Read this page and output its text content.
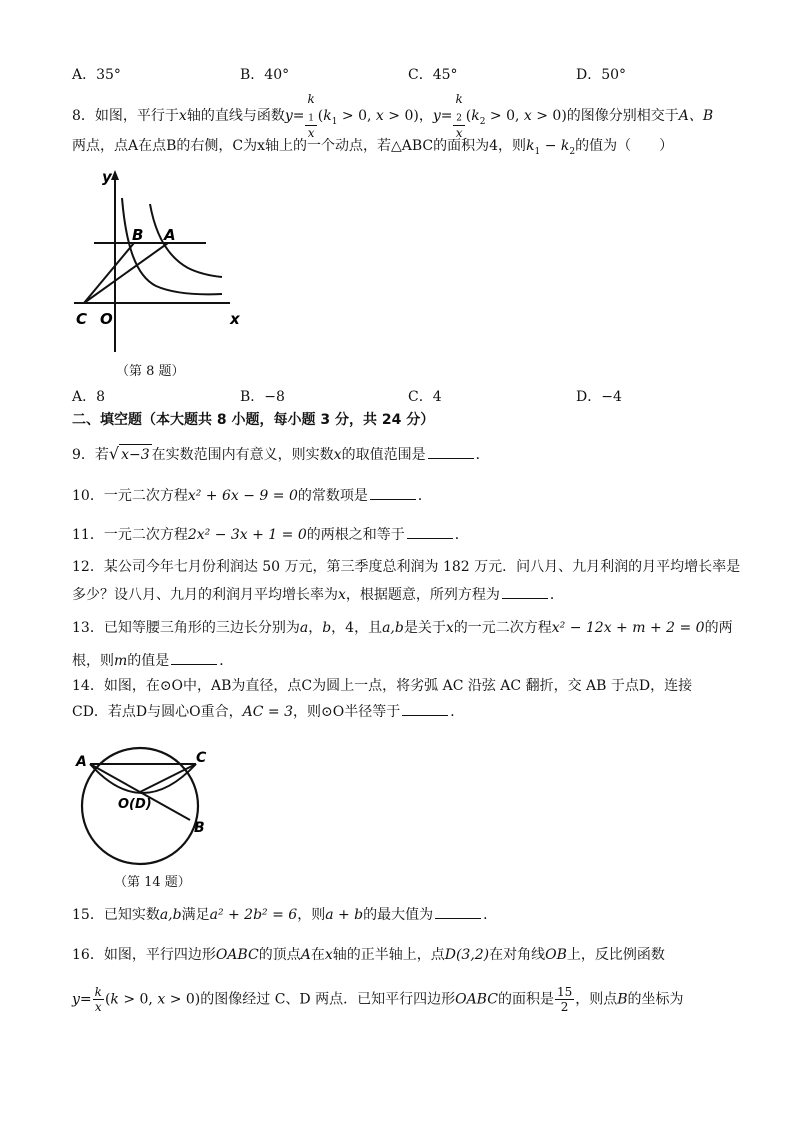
A．35°	B．40°	C．45°	D．50°
8．如图，平行于x轴的直线与函数y= k
$_1$
x ($k_1 > 0$, x > 0)，y= k
$_2$
x ($k_2 > 0$, x > 0)的图像分别相交于A、B
两点，点A在点B的右侧，C为x轴上的一个动点，若△ABC的面积为4，则$k_1 - k_2$的值为（　　）
y
B A
C O	x
（第 8 题）
A．8	B．−8	C．4	D．−4
二、填空题（本大题共 8 小题，每小题 3 分，共 24 分）
9．若√ x−3 在实数范围内有意义，则实数x的取值范围是	．
10．一元二次方程x² + 6x − 9 = 0的常数项是	．
11．一元二次方程2x² − 3x + 1 = 0的两根之和等于	．
12．某公司今年七月份利润达 50 万元，第三季度总利润为 182 万元．问八月、九月利润的月平均增长率是
多少？设八月、九月的利润月平均增长率为x，根据题意，所列方程为	．
13．已知等腰三角形的三边长分别为a，b，4，且a,b是关于x的一元二次方程x² − 12x + m + 2 = 0的两
根，则m的值是	．
14．如图，在⊙O中，AB为直径，点C为圆上一点，将劣弧 AC 沿弦 AC 翻折，交 AB 于点D，连接
CD．若点D与圆心O重合，AC = 3，则⊙O半径等于	．
A	C
O(D)
B
（第 14 题）
15．已知实数a,b满足a² + 2b² = 6，则a + b的最大值为	．
16．如图，平行四边形OABC的顶点A在x轴的正半轴上，点D(3,2)在对角线OB上，反比例函数
$y= \frac{k}{x} (k > 0$, x > 0)的图像经过 C、D 两点．已知平行四边形OABC的面积是 $\frac{15}{2}$ ，则点B的坐标为
